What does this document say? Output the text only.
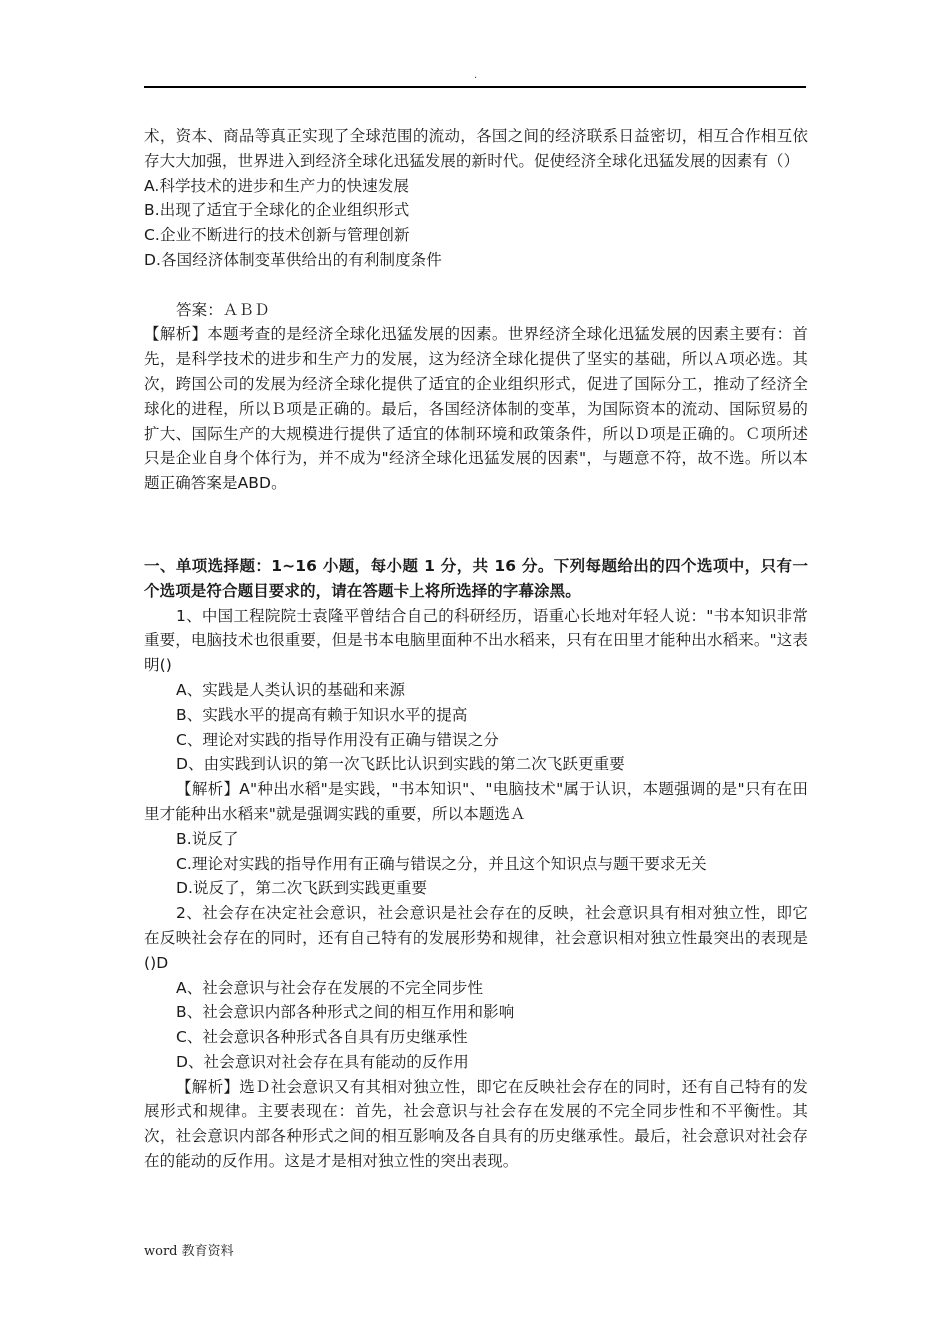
.

术，资本、商品等真正实现了全球范围的流动，各国之间的经济联系日益密切，相互合作相互依存大大加强，世界进入到经济全球化迅猛发展的新时代。促使经济全球化迅猛发展的因素有（）

A.科学技术的进步和生产力的快速发展

B.出现了适宜于全球化的企业组织形式

C.企业不断进行的技术创新与管理创新

D.各国经济体制变革供给出的有利制度条件

答案：ＡＢＤ

【解析】本题考查的是经济全球化迅猛发展的因素。世界经济全球化迅猛发展的因素主要有：首先，是科学技术的进步和生产力的发展，这为经济全球化提供了坚实的基础，所以Ａ项必选。其次，跨国公司的发展为经济全球化提供了适宜的企业组织形式，促进了国际分工，推动了经济全球化的进程，所以Ｂ项是正确的。最后，各国经济体制的变革，为国际资本的流动、国际贸易的扩大、国际生产的大规模进行提供了适宜的体制环境和政策条件，所以Ｄ项是正确的。Ｃ项所述只是企业自身个体行为，并不成为"经济全球化迅猛发展的因素"，与题意不符，故不选。所以本题正确答案是ABD。

一、单项选择题：1~16 小题，每小题 1 分，共 16 分。下列每题给出的四个选项中，只有一个选项是符合题目要求的，请在答题卡上将所选择的字幕涂黑。

1、中国工程院院士袁隆平曾结合自己的科研经历，语重心长地对年轻人说："书本知识非常重要，电脑技术也很重要，但是书本电脑里面种不出水稻来，只有在田里才能种出水稻来。"这表明()

A、实践是人类认识的基础和来源

B、实践水平的提高有赖于知识水平的提高

C、理论对实践的指导作用没有正确与错误之分

D、由实践到认识的第一次飞跃比认识到实践的第二次飞跃更重要

【解析】A"种出水稻"是实践，"书本知识"、"电脑技术"属于认识，本题强调的是"只有在田里才能种出水稻来"就是强调实践的重要，所以本题选Ａ

B.说反了

C.理论对实践的指导作用有正确与错误之分，并且这个知识点与题干要求无关

D.说反了，第二次飞跃到实践更重要

2、社会存在决定社会意识，社会意识是社会存在的反映，社会意识具有相对独立性，即它在反映社会存在的同时，还有自己特有的发展形势和规律，社会意识相对独立性最突出的表现是()D

A、社会意识与社会存在发展的不完全同步性

B、社会意识内部各种形式之间的相互作用和影响

C、社会意识各种形式各自具有历史继承性

D、社会意识对社会存在具有能动的反作用

【解析】选Ｄ社会意识又有其相对独立性，即它在反映社会存在的同时，还有自己特有的发展形式和规律。主要表现在：首先，社会意识与社会存在发展的不完全同步性和不平衡性。其次，社会意识内部各种形式之间的相互影响及各自具有的历史继承性。最后，社会意识对社会存在的能动的反作用。这是才是相对独立性的突出表现。

word 教育资料
